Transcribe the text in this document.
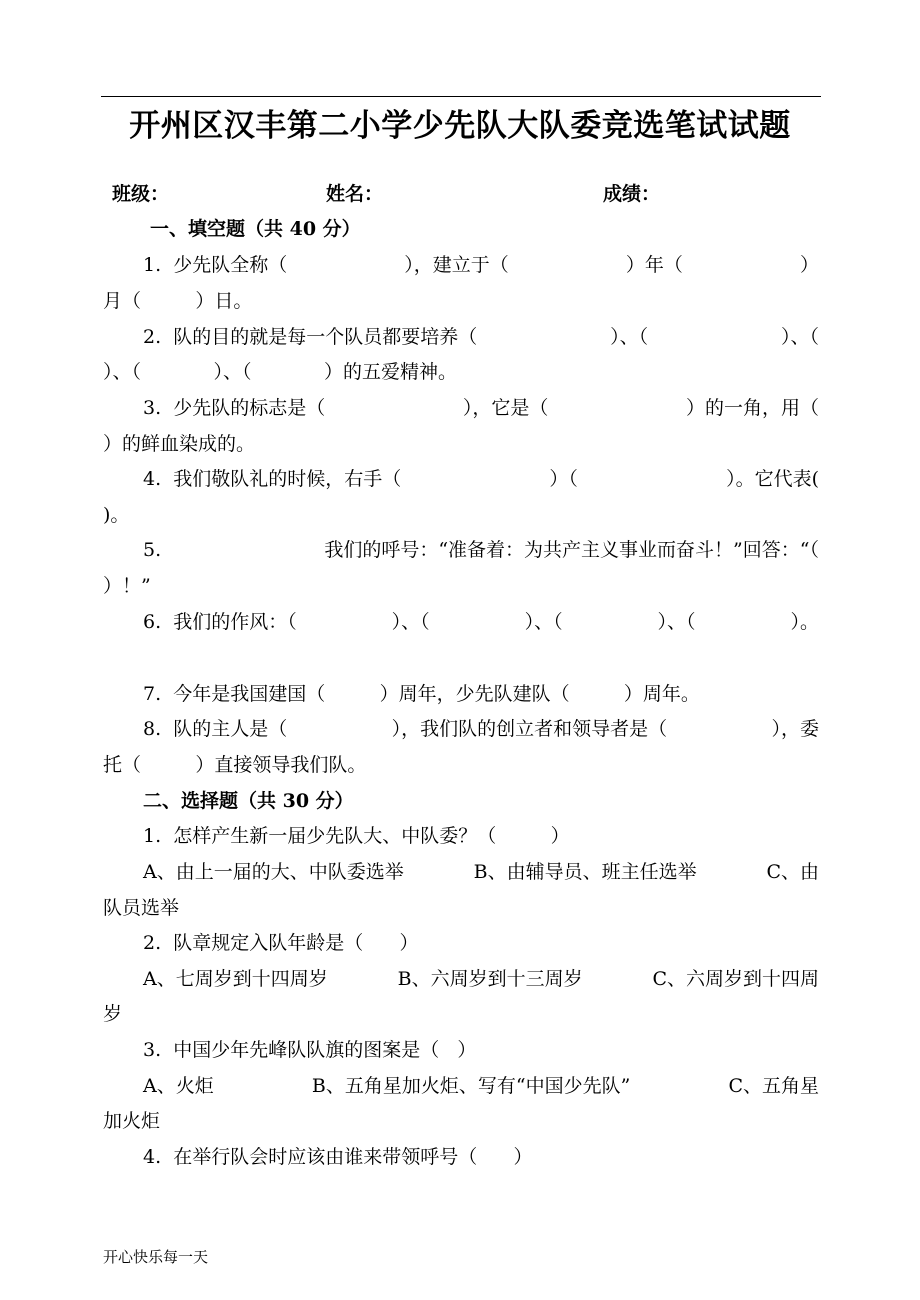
开州区汉丰第二小学少先队大队委竞选笔试试题
班级：	姓名：	成绩：
一、填空题（共 40 分）
1.  少先队全称（	），建立于（	）年（	）
月（         ）日。
2.  队的目的就是每一个队员都要培养（	）、（	）、（
）、（            ）、（            ）的五爱精神。
3.  少先队的标志是（	），它是（	）的一角，用（
）的鲜血染成的。
4.  我们敬队礼的时候，右手（	）（	）。它代表(
)。
5.	我们的呼号：“准备着：为共产主义事业而奋斗！”回答：“（
）！”
6.  我们的作风：（	）、（	）、（	）、（	）。
7.  今年是我国建国（         ）周年，少先队建队（         ）周年。
8.  队的主人是（	），我们队的创立者和领导者是（	），委
托（         ）直接领导我们队。
二、选择题（共 30 分）
1.  怎样产生新一届少先队大、中队委？（         ）
A、由上一届的大、中队委选举	B、由辅导员、班主任选举	C、由
队员选举
2.  队章规定入队年龄是（      ）
A、七周岁到十四周岁	B、六周岁到十三周岁	C、六周岁到十四周
岁
3.  中国少年先峰队队旗的图案是（   ）
A、火炬	B、五角星加火炬、写有“中国少先队”	C、五角星
加火炬
4.  在举行队会时应该由谁来带领呼号（      ）
开心快乐每一天
